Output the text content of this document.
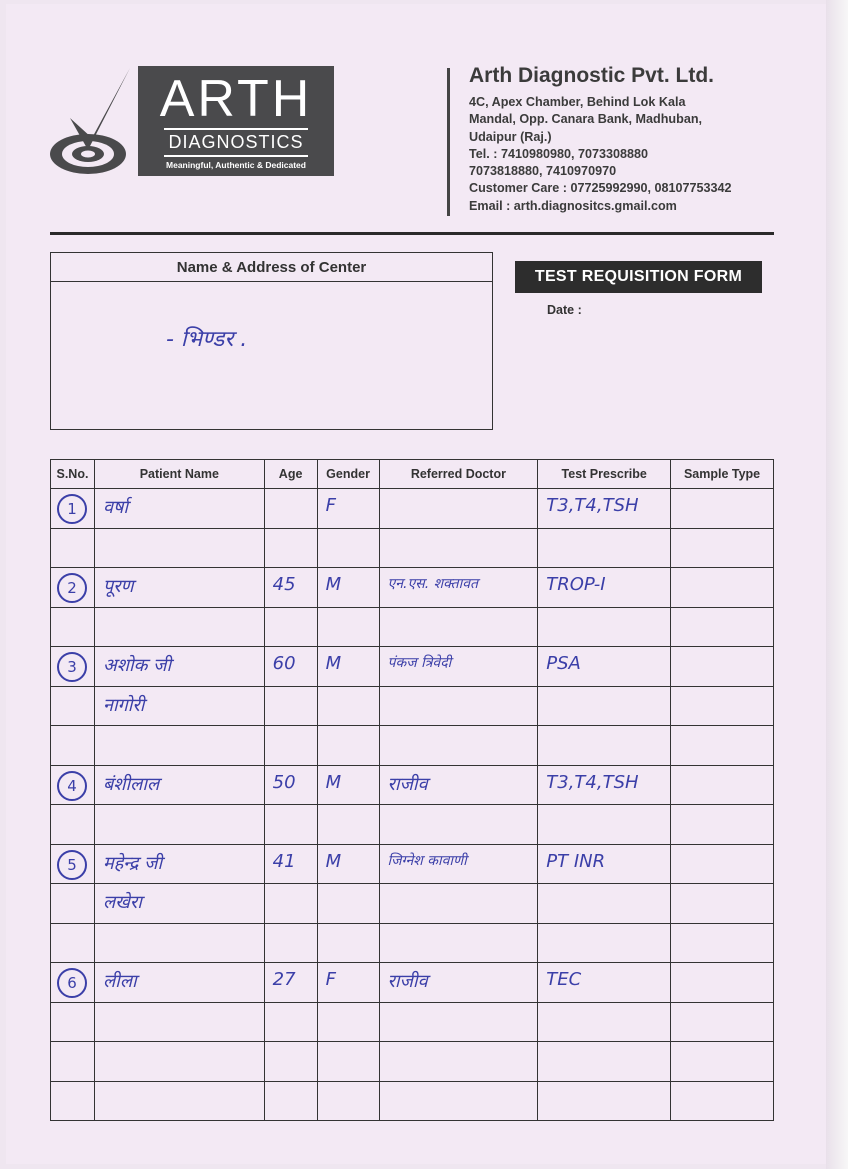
ARTH
DIAGNOSTICS
Meaningful, Authentic & Dedicated
Arth Diagnostic Pvt. Ltd.
4C, Apex Chamber, Behind Lok Kala
Mandal, Opp. Canara Bank, Madhuban,
Udaipur (Raj.)
Tel. : 7410980980, 7073308880
7073818880, 7410970970
Customer Care : 07725992990, 08107753342
Email : arth.diagnositcs.gmail.com
Name & Address of Center
- भिण्डर .
TEST REQUISITION FORM
Date :
S.No.	Patient Name	Age	Gender	Referred Doctor	Test Prescribe	Sample Type

1	वर्षा		F		T3,T4,TSH	

2	पूरण	45	M	एन.एस. शक्तावत	TROP-I	

3	अशोक जी	60	M	पंकज त्रिवेदी	PSA	

	नागोरी					

4	बंशीलाल	50	M	राजीव	T3,T4,TSH	

5	महेन्द्र जी	41	M	जिग्नेश कावाणी	PT INR	

	लखेरा					

6	लीला	27	F	राजीव	TEC	
